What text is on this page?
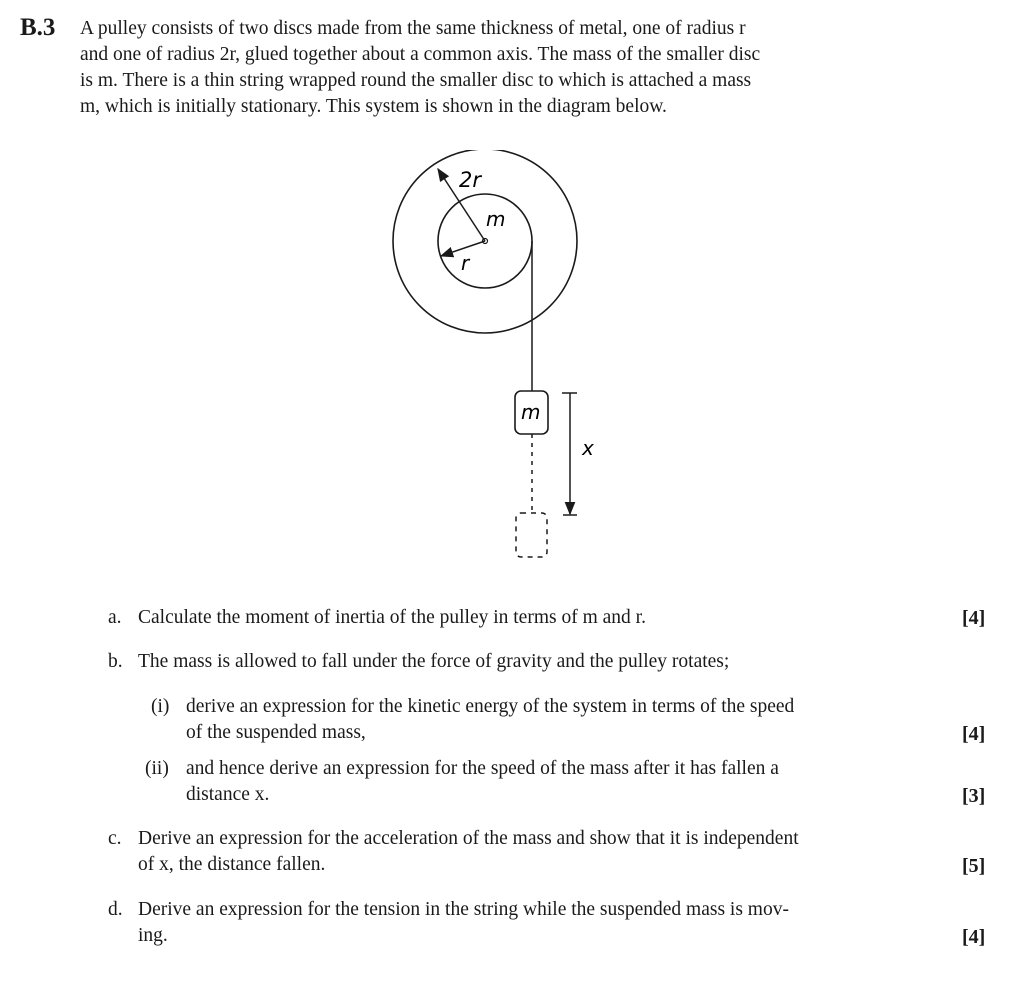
B.3 A pulley consists of two discs made from the same thickness of metal, one of radius r
and one of radius 2r, glued together about a common axis. The mass of the smaller disc
is m. There is a thin string wrapped round the smaller disc to which is attached a mass
m, which is initially stationary. This system is shown in the diagram below.
2r
r
m
m
x
a. Calculate the moment of inertia of the pulley in terms of m and r.	[4]
b. The mass is allowed to fall under the force of gravity and the pulley rotates;
(i) derive an expression for the kinetic energy of the system in terms of the speed
of the suspended mass,	[4]
(ii) and hence derive an expression for the speed of the mass after it has fallen a
distance x.	[3]
c. Derive an expression for the acceleration of the mass and show that it is independent
of x, the distance fallen.	[5]
d. Derive an expression for the tension in the string while the suspended mass is mov-
ing.	[4]
